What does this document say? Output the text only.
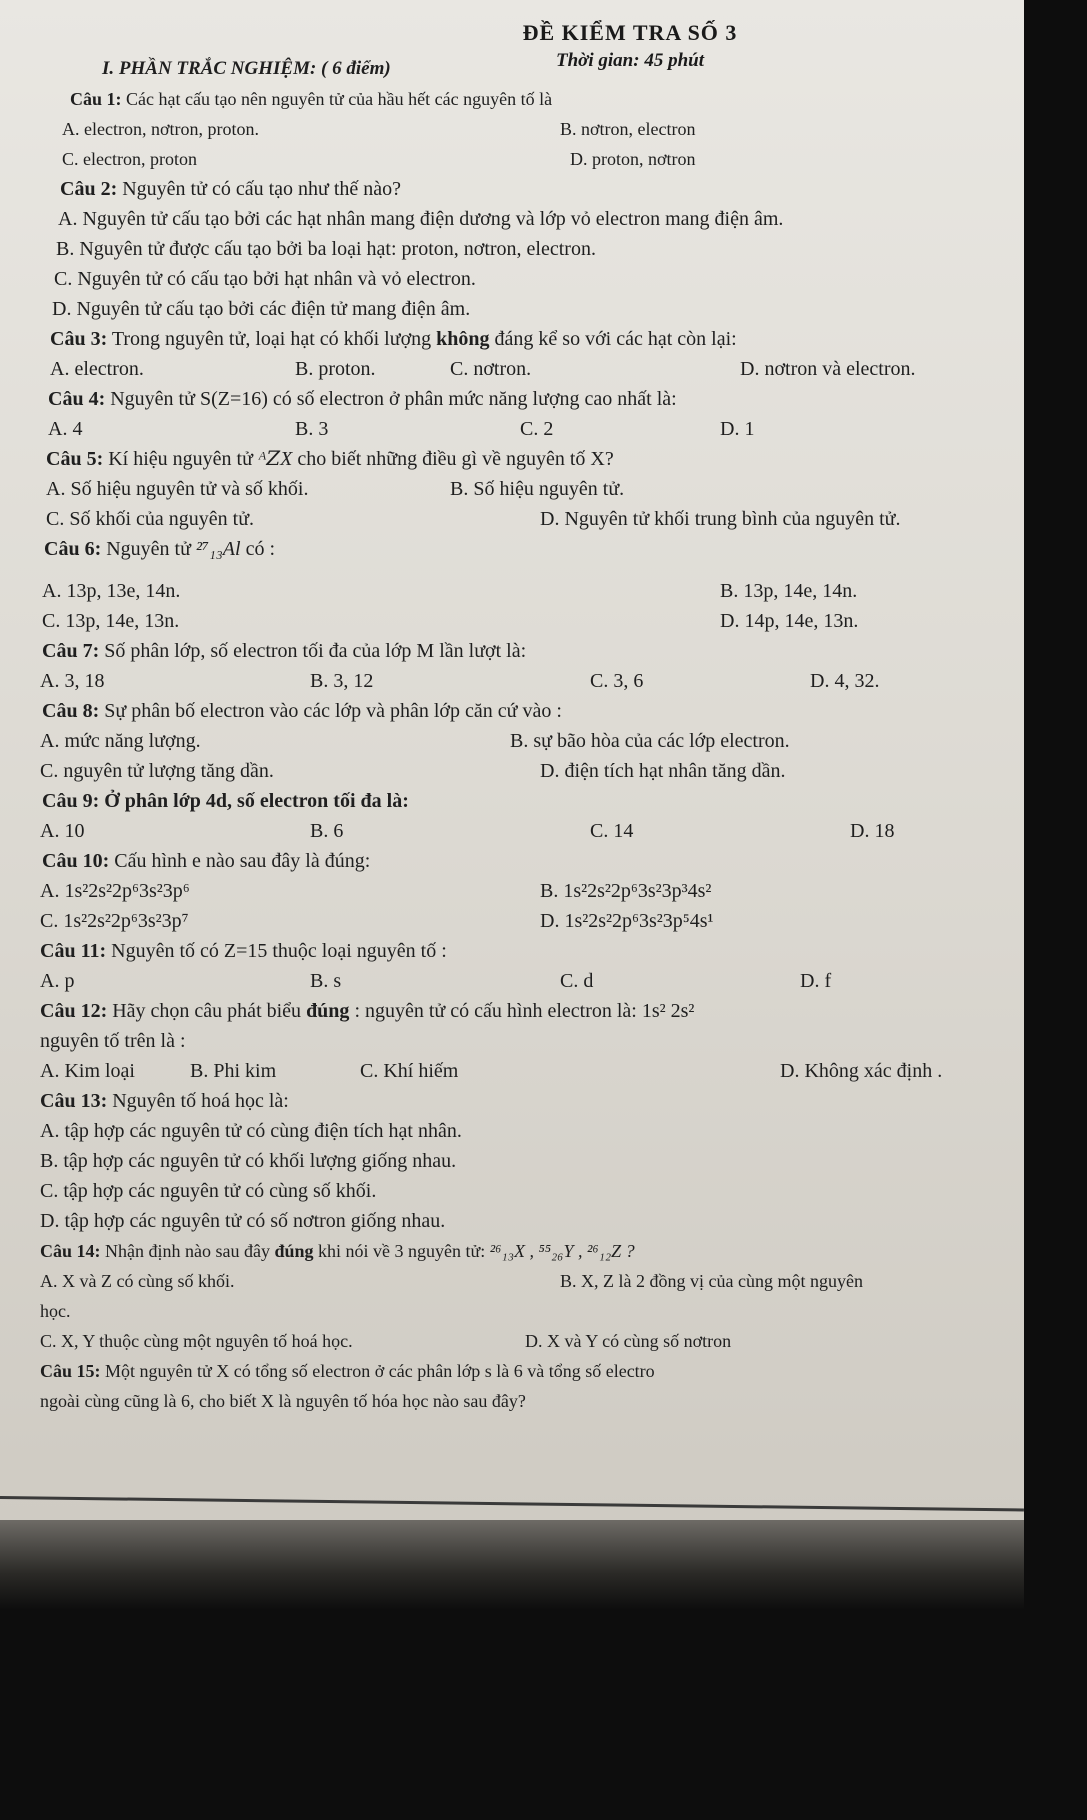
ĐỀ KIỂM TRA SỐ 3
Thời gian: 45 phút
I. PHẦN TRẮC NGHIỆM: ( 6 điểm)
Câu 1: Các hạt cấu tạo nên nguyên tử của hầu hết các nguyên tố là
A. electron, nơtron, proton.	B. nơtron, electron
C. electron, proton	D. proton, nơtron
Câu 2: Nguyên tử có cấu tạo như thế nào?
A. Nguyên tử cấu tạo bởi các hạt nhân mang điện dương và lớp vỏ electron mang điện âm.
B. Nguyên tử được cấu tạo bởi ba loại hạt: proton, nơtron, electron.
C. Nguyên tử có cấu tạo bởi hạt nhân và vỏ electron.
D. Nguyên tử cấu tạo bởi các điện tử mang điện âm.
Câu 3: Trong nguyên tử, loại hạt có khối lượng không đáng kể so với các hạt còn lại:
A. electron.	B. proton.	C. nơtron.	D. nơtron và electron.
Câu 4: Nguyên tử S(Z=16) có số electron ở phân mức năng lượng cao nhất là:
A. 4	B. 3	C. 2	D. 1
Câu 5: Kí hiệu nguyên tử ᴬ𝑍X cho biết những điều gì về nguyên tố X?
A. Số hiệu nguyên tử và số khối.	B. Số hiệu nguyên tử.
C. Số khối của nguyên tử.	D. Nguyên tử khối trung bình của nguyên tử.
Câu 6: Nguyên tử ²⁷₁₃Al có :
A. 13p, 13e, 14n.	B. 13p, 14e, 14n.
C. 13p, 14e, 13n.	D. 14p, 14e, 13n.
Câu 7: Số phân lớp, số electron tối đa của lớp M lần lượt là:
A. 3, 18	B. 3, 12	C. 3, 6	D. 4, 32.
Câu 8: Sự phân bố electron vào các lớp và phân lớp căn cứ vào :
A. mức năng lượng.	B. sự bão hòa của các lớp electron.
C. nguyên tử lượng tăng dần.	D. điện tích hạt nhân tăng dần.
Câu 9: Ở phân lớp 4d, số electron tối đa là:
A. 10	B. 6	C. 14	D. 18
Câu 10: Cấu hình e nào sau đây là đúng:
A. 1s²2s²2p⁶3s²3p⁶	B. 1s²2s²2p⁶3s²3p³4s²
C. 1s²2s²2p⁶3s²3p⁷	D. 1s²2s²2p⁶3s²3p⁵4s¹
Câu 11: Nguyên tố có Z=15 thuộc loại nguyên tố :
A. p	B. s	C. d	D. f
Câu 12: Hãy chọn câu phát biểu đúng : nguyên tử có cấu hình electron là: 1s² 2s²
nguyên tố trên là :
A. Kim loại	B. Phi kim	C. Khí hiếm	D. Không xác định .
Câu 13: Nguyên tố hoá học là:
A. tập hợp các nguyên tử có cùng điện tích hạt nhân.
B. tập hợp các nguyên tử có khối lượng giống nhau.
C. tập hợp các nguyên tử có cùng số khối.
D. tập hợp các nguyên tử có số nơtron giống nhau.
Câu 14: Nhận định nào sau đây đúng khi nói về 3 nguyên tử: ²⁶₁₃X , ⁵⁵₂₆Y , ²⁶₁₂Z ?
A. X và Z có cùng số khối.	B. X, Z là 2 đồng vị của cùng một nguyên
học.
C. X, Y thuộc cùng một nguyên tố hoá học.	D. X và Y có cùng số nơtron
Câu 15: Một nguyên tử X có tổng số electron ở các phân lớp s là 6 và tổng số electro
ngoài cùng cũng là 6, cho biết X là nguyên tố hóa học nào sau đây?
